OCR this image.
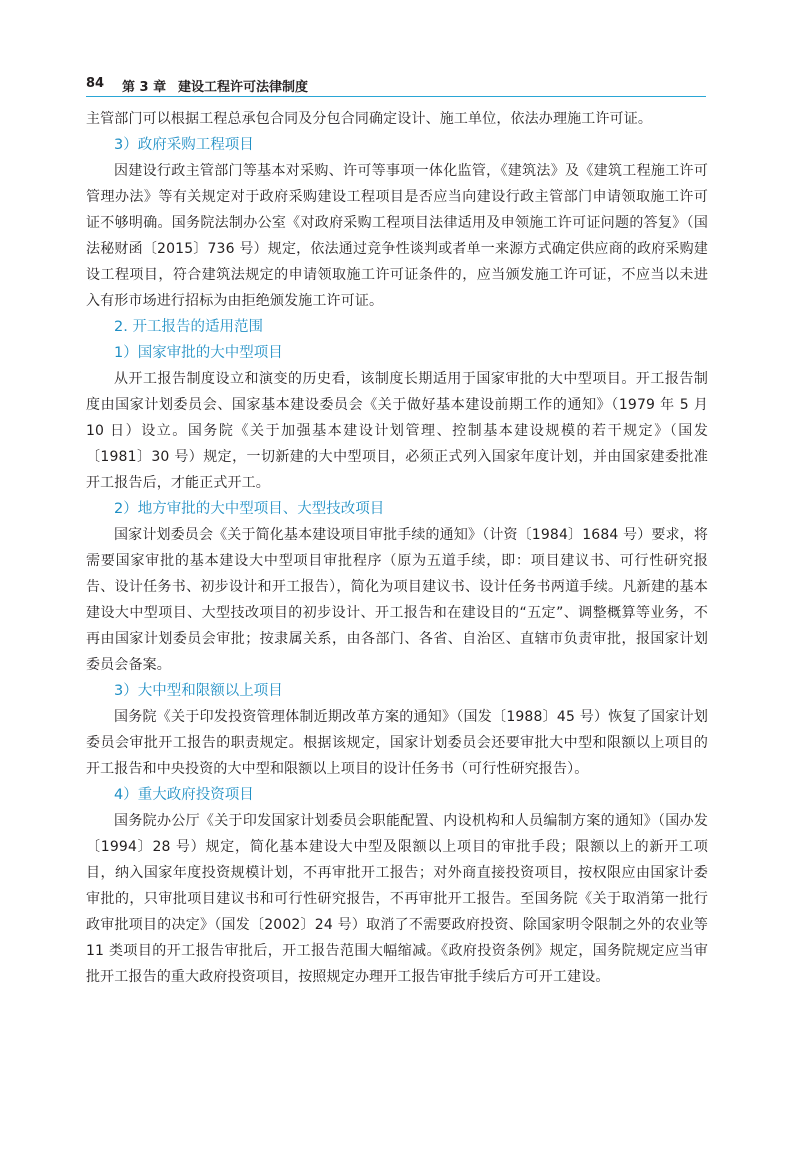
84 第 3 章 建设工程许可法律制度

主管部门可以根据工程总承包合同及分包合同确定设计、施工单位，依法办理施工许可证。

3）政府采购工程项目

因建设行政主管部门等基本对采购、许可等事项一体化监管，《建筑法》及《建筑工程施工许可管理办法》等有关规定对于政府采购建设工程项目是否应当向建设行政主管部门申请领取施工许可证不够明确。国务院法制办公室《对政府采购工程项目法律适用及申领施工许可证问题的答复》（国法秘财函〔2015〕736 号）规定，依法通过竞争性谈判或者单一来源方式确定供应商的政府采购建设工程项目，符合建筑法规定的申请领取施工许可证条件的，应当颁发施工许可证，不应当以未进入有形市场进行招标为由拒绝颁发施工许可证。

2. 开工报告的适用范围

1）国家审批的大中型项目

从开工报告制度设立和演变的历史看，该制度长期适用于国家审批的大中型项目。开工报告制度由国家计划委员会、国家基本建设委员会《关于做好基本建设前期工作的通知》（1979 年 5 月 10 日）设立。国务院《关于加强基本建设计划管理、控制基本建设规模的若干规定》（国发〔1981〕30 号）规定，一切新建的大中型项目，必须正式列入国家年度计划，并由国家建委批准开工报告后，才能正式开工。

2）地方审批的大中型项目、大型技改项目

国家计划委员会《关于简化基本建设项目审批手续的通知》（计资〔1984〕1684 号）要求，将需要国家审批的基本建设大中型项目审批程序（原为五道手续，即：项目建议书、可行性研究报告、设计任务书、初步设计和开工报告），简化为项目建议书、设计任务书两道手续。凡新建的基本建设大中型项目、大型技改项目的初步设计、开工报告和在建设目的“五定”、调整概算等业务，不再由国家计划委员会审批；按隶属关系，由各部门、各省、自治区、直辖市负责审批，报国家计划委员会备案。

3）大中型和限额以上项目

国务院《关于印发投资管理体制近期改革方案的通知》（国发〔1988〕45 号）恢复了国家计划委员会审批开工报告的职责规定。根据该规定，国家计划委员会还要审批大中型和限额以上项目的开工报告和中央投资的大中型和限额以上项目的设计任务书（可行性研究报告）。

4）重大政府投资项目

国务院办公厅《关于印发国家计划委员会职能配置、内设机构和人员编制方案的通知》（国办发〔1994〕28 号）规定，简化基本建设大中型及限额以上项目的审批手段；限额以上的新开工项目，纳入国家年度投资规模计划，不再审批开工报告；对外商直接投资项目，按权限应由国家计委审批的，只审批项目建议书和可行性研究报告，不再审批开工报告。至国务院《关于取消第一批行政审批项目的决定》（国发〔2002〕24 号）取消了不需要政府投资、除国家明令限制之外的农业等 11 类项目的开工报告审批后，开工报告范围大幅缩减。《政府投资条例》规定，国务院规定应当审批开工报告的重大政府投资项目，按照规定办理开工报告审批手续后方可开工建设。
